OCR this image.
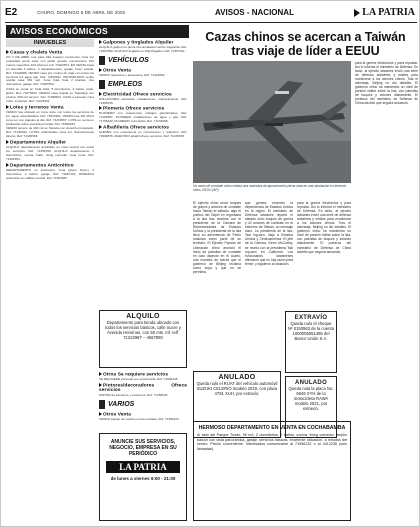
E2	CHURO, DOMINGO 6 DE ABRIL DE 2003	AVISOS - NACIONAL	LA PATRIA
AVISOS ECONÓMICOS
INMUEBLES
Casas y chalets Venta

UN 4 DE ABRIL lote para villa Joaquin excelentes zona sur propiedad venta casa con jardin grande construccion 100 metros superficie 423 informes telf. 71902874. EN VENTA Casa en Avenida 3 baños, 2 departamentos, garaje, buen estado. Ref: 71342988. VENDO casa por motivo de viaje con todos los servicios luz agua gas. Ref: 71100321. PROPIETARIO vende amplia casa 330 mt2. zona Cala Cala 2 plantas, dos dormitorios, garaje. Ref: 71987654.

CASA en venta en Cala Cala, 5 dormitorios, 3 baños, patio, jardín. Ref: 71876543. VENDO casa amplia en Tiquipaya con piscina, 600 m2 terreno. Ref: 71998812. CASA a estrenar zona norte, 3 plantas. Ref: 71223344.

Lotes y terrenos Venta

VENDO lote ubicado en zona norte con todos los servicios de luz, agua, alcantarillado. Ref: 71543201. VENDO lote 18x 25m2 zona sur con papeles al dia. Ref: 71234567. LOTE en venta en Quillacollo sobre avenida principal. Ref: 71890234.

VENDO terreno de 400 m2 en Sacaba con derecho propietario. Ref: 71330022. LOTES urbanizados zona sur, financiamiento directo. Ref: 71445566.

Departamentos Alquiler

ALQUILO departamento amoblado en zona central con todos los servicios. Ref: 71456789. ALQUILO departamento 2 dormitorios, cocina, baño, living comedor zona norte. Ref: 71321654.

Departamentos Anticrético

DEPARTAMENTO en anticrético, zona Queru Queru, 3 dormitorios, 2 baños, garaje. Ref: 71987123. OFREZCO anticrético en edificio central. Ref: 71654987.

Galpones y tinglados Alquiler

ALQUILO galpón en plena Circunvalación sector Jaguarda. Ref: 71667890. ALQUILO tinglado en Villa Pagador. Ref: 71557321.

VEHÍCULOS
Otros Venta

VENDO repuestos y accesorios. Ref: 71222654.

EMPLEOS
Electricidad Ofrece servicios

SOLUCIONES eléctricas, instalaciones, mantenimiento. Ref: 71398765.

Plomería Ofrece servicios

PLOMERO con experiencia, trabajos garantizados. Ref: 71120987. PLOMERO instalaciones de agua y gas. Ref: 71765432. PLOMERO a domicilio. Ref: 71234098.

Albañilería Ofrece servicios

ALBAÑIL con experiencia en construcción y refacción. Ref: 71909876. MAESTRO albañil ofrece servicios. Ref: 71345678.

ALQUILO
Departamento para tienda ubicado con todos los servicios básicos, calle Sucre y Avenida Heroínas, con 50 mts. Inf. telf: 71222987 – 4567890
Otros Se requiere servicios

SE REQUIERE personal con experiencia. Ref: 71902345.

Pintores/decoradores Ofrece servicios

PINTOR de interiores y exteriores. Ref: 71786543.

VARIOS
Otros Venta

VENDO equipo de sonido en buen estado. Ref: 71456123.

ANUNCIE SUS SERVICIOS, NEGOCIO, EMPRESA EN SU PERIÓDICO
LA PATRIA
de lunes a viernes 9:00 - 21:00
EXTRAVÍO
Queda nulo el cheque Nº 0150963 de la cuenta 1000006051465 del Banco Unión S.A.
ANULADO
Queda nulo el RUAT del vehículo automóvil SUZUKI CELERIO modelo 2019, con placa 4791 XUH, por extravío.
ANULADO
Queda nula la placa No. 5846 XYH de la motocicleta RAWA modelo 2021, por extravío.
Cazas chinos se acercan a Taiwán tras viaje de líder a EEUU
Un avión de combate chino realiza una maniobra de aproximación plena vista en una simulación en territorio chino. EEUU (AP)
El ejército chino envió buques de guerra y aviones de combate hacia Taiwán el sábado, algo el político del Taipei en regresaba a la isla tras reunirse con el presidente de la Cámara de Representantes de Estados Unidos y la presidenta de la isla llevó su advertencia de Pekín realizara como parte de su territorio. El Ejército Popular de Liberación chino anunció el inicio de patrullas de combate en todo aspecto en el cuarto, una muestra de fuerza que el gobierno de Beijing reclama como suya y que no se permitirá.
que genera enormes la dependencia de Estados Unidos en la región. El ministerio de Defensa taiwanés reportó el sábado ocho buques de guerra y 42 aviones de combate en el estrecho de Taiwán, un mensaje claro. La presidenta de la isla, Tsai Ing-wen, viajó a Estados Unidos y Centroamérica. El jefe de la Cámara, Kevin McCarthy, se reunió con la presidenta Tsai Ing-wen en California. Los funcionarios taiwaneses afirmaron que no hay razón para temer, y siguieron la situación.
para la guerra electrónica y para repostar. Así lo informa el ministerio de Defensa. En tanto, al ejército taiwanés envió una serie de defensa antiaérea y misiles para monitorear a los aviones chinos. Tras el aterrizaje, Beijing no dio detalles. El gobierno chino ha mantenido un nivel de presión militar sobre la isla, con patrullas de buques y aviones diariamente. El portavoz del ministerio de Defensa de China advirtió que seguirá actuando.
para la guerra electrónica y para repostar. Así lo informa el ministerio de Defensa. En tanto, al ejército taiwanés envió una serie de defensa antiaérea y misiles para monitorear a los aviones chinos. Tras el aterrizaje, Beijing no dio detalles. El gobierno chino ha mantenido un nivel de presión militar sobre la isla, con patrullas de buques y aviones diariamente. El portavoz del ministerio de Defensa de China advirtió que seguirá actuando.
HERMOSO DEPARTAMENTO EN VENTA EN COCHABAMBA
Al lado del Parque Tunari, 90 m2, 2 dormitorios, 2 baños, cocina, living comedor, amplio balcón con vista panorámica, garaje, servicios básicos, excelente ubicación, a minutos del centro. Precio conveniente. Interesados comunicarse al 71956132 o al 4412238 (solo llamadas).
